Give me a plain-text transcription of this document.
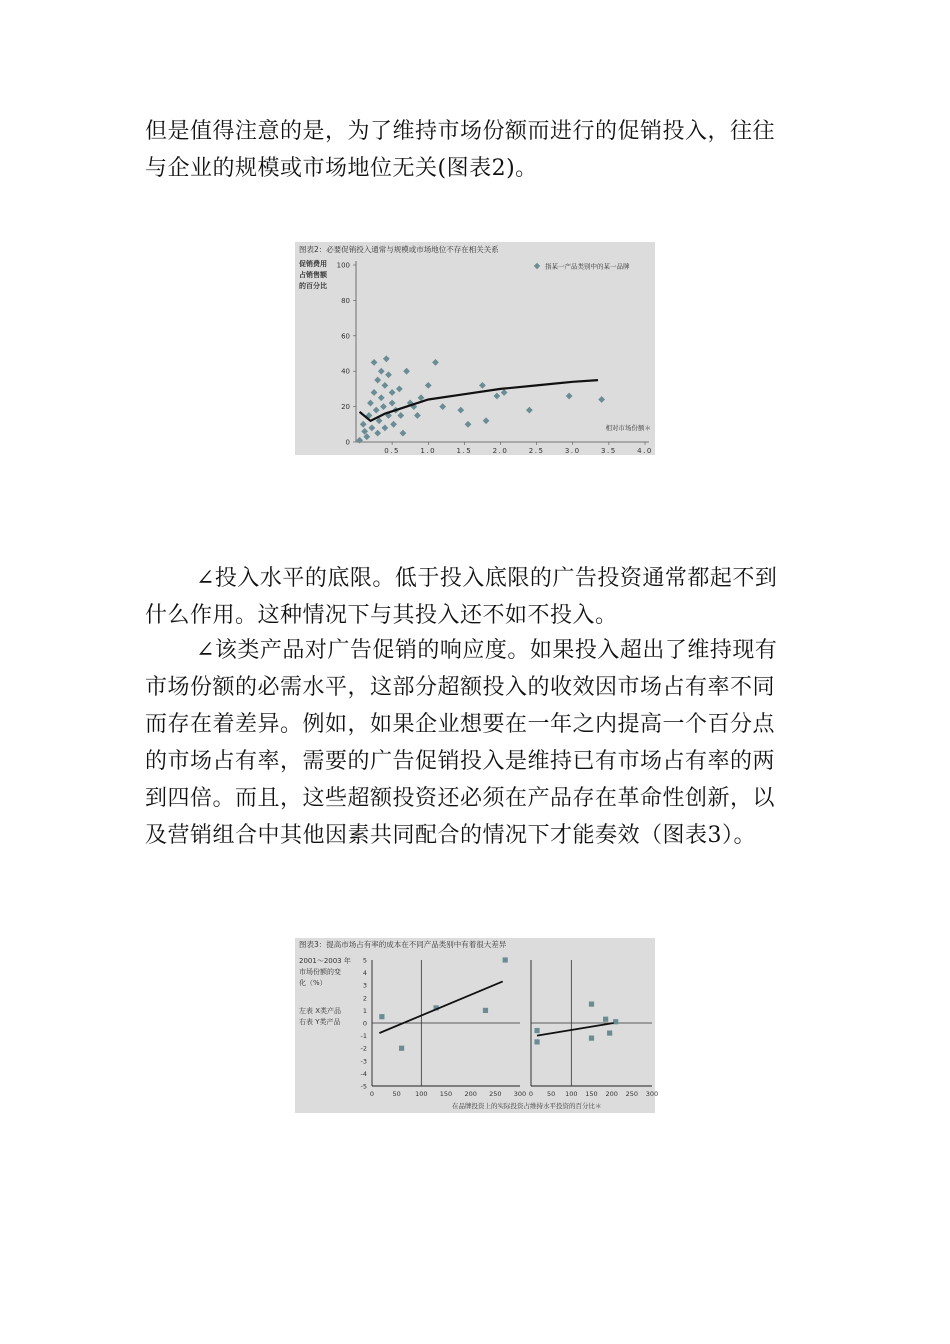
但是值得注意的是，为了维持市场份额而进行的促销投入，往往与企业的规模或市场地位无关(图表2)。

图表2：必要促销投入通常与规模或市场地位不存在相关关系
促销费用
占销售额
的百分比
0
20
40
60
80
100
0.5	1.0	1.5	2.0	2.5	3.0	3.5	4.0
相对市场份额＊
指某一产品类别中的某一品牌

∠投入水平的底限。低于投入底限的广告投资通常都起不到什么作用。这种情况下与其投入还不如不投入。

∠该类产品对广告促销的响应度。如果投入超出了维持现有市场份额的必需水平，这部分超额投入的收效因市场占有率不同而存在着差异。例如，如果企业想要在一年之内提高一个百分点的市场占有率，需要的广告促销投入是维持已有市场占有率的两到四倍。而且，这些超额投资还必须在产品存在革命性创新，以及营销组合中其他因素共同配合的情况下才能奏效（图表3）。

图表3：提高市场占有率的成本在不同产品类别中有着很大差异
2001～2003 年
市场份额的变
化（%）
左表 X类产品
右表 Y类产品
5
4
3
2
1
0
-1
-2
-3
-4
-5
0	50 100 150 200 250 300 0 50 100 150 200 250 300
在品牌投资上的实际投资占维持水平投资的百分比＊
